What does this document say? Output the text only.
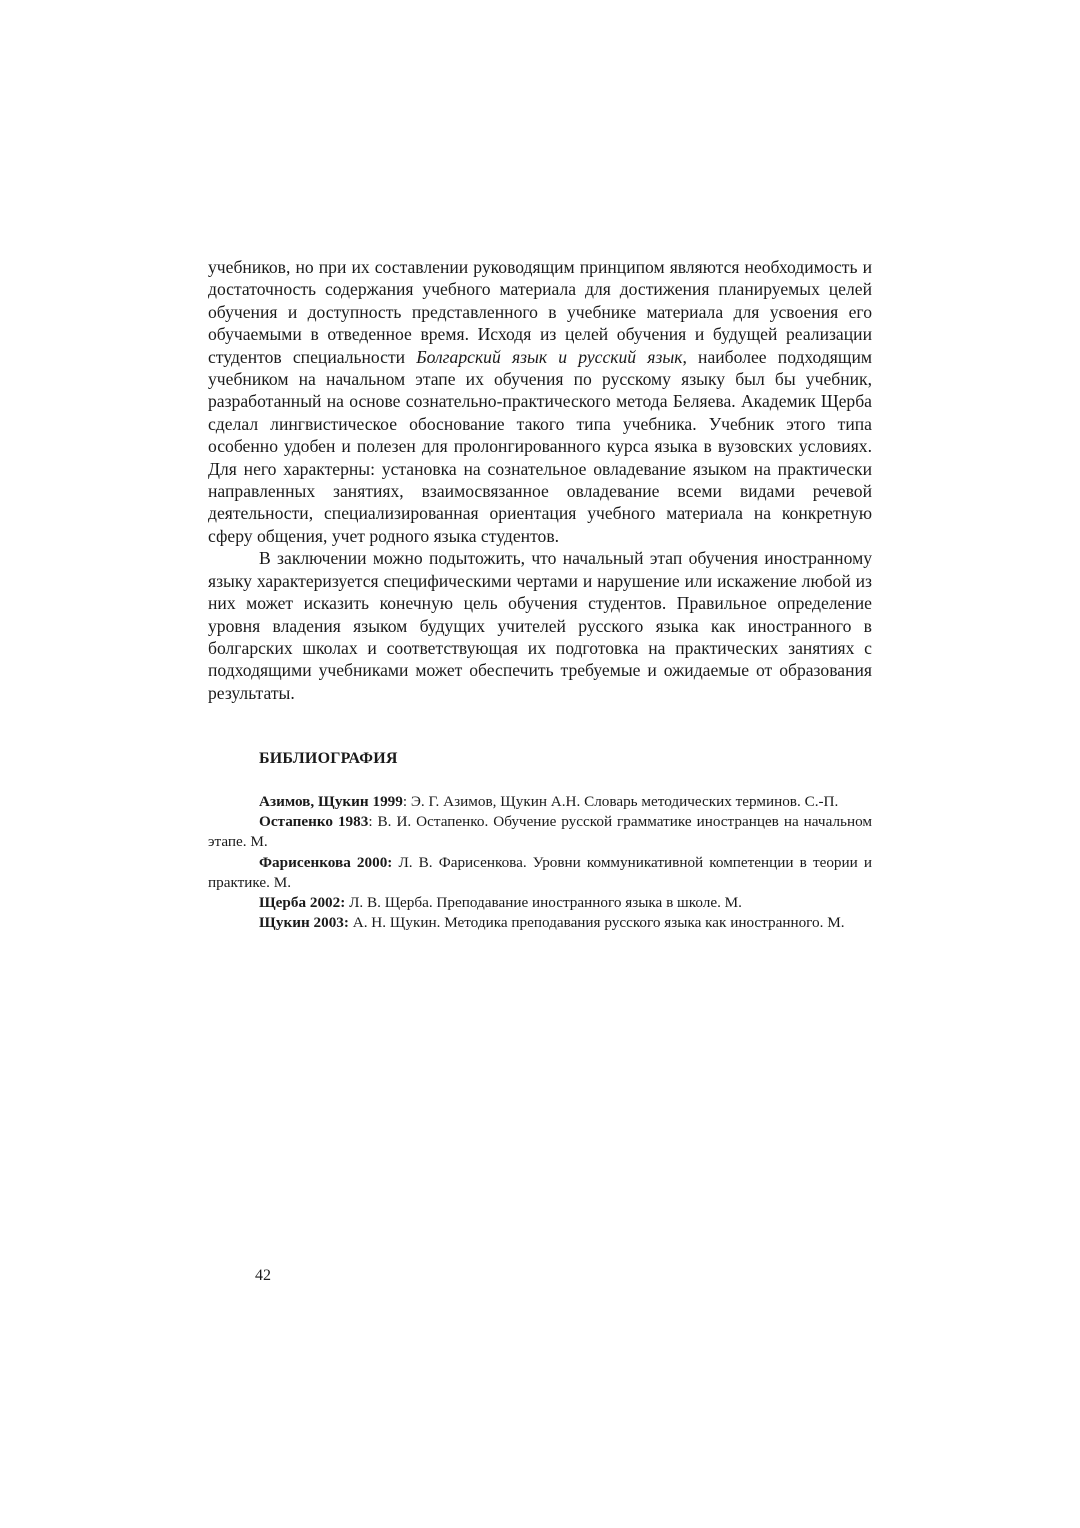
учебников, но при их составлении руководящим принципом являются необходимость и достаточность содержания учебного материала для достижения планируемых целей обучения и доступность представленного в учебнике материала для усвоения его обучаемыми в отведенное время. Исходя из целей обучения и будущей реализации студентов специальности Болгарский язык и русский язык, наиболее подходящим учебником на начальном этапе их обучения по русскому языку был бы учебник, разработанный на основе сознательно-практического метода Беляева. Академик Щерба сделал лингвистическое обоснование такого типа учебника. Учебник этого типа особенно удобен и полезен для пролонгированного курса языка в вузовских условиях. Для него характерны: установка на сознательное овладевание языком на практически направленных занятиях, взаимосвязанное овладевание всеми видами речевой деятельности, специализированная ориентация учебного материала на конкретную сферу общения, учет родного языка студентов.

В заключении можно подытожить, что начальный этап обучения иностранному языку характеризуется специфическими чертами и нарушение или искажение любой из них может исказить конечную цель обучения студентов. Правильное определение уровня владения языком будущих учителей русского языка как иностранного в болгарских школах и соответствующая их подготовка на практических занятиях с подходящими учебниками может обеспечить требуемые и ожидаемые от образования результаты.

БИБЛИОГРАФИЯ

Азимов, Щукин 1999: Э. Г. Азимов, Щукин А.Н. Словарь методических терминов. С.-П.

Остапенко 1983: В. И. Остапенко. Обучение русской грамматике иностранцев на начальном этапе. М.

Фарисенкова 2000: Л. В. Фарисенкова. Уровни коммуникативной компетенции в теории и практике. М.

Щерба 2002: Л. В. Щерба. Преподавание иностранного языка в школе. М.

Щукин 2003: А. Н. Щукин. Методика преподавания русского языка как иностранного. М.

42
